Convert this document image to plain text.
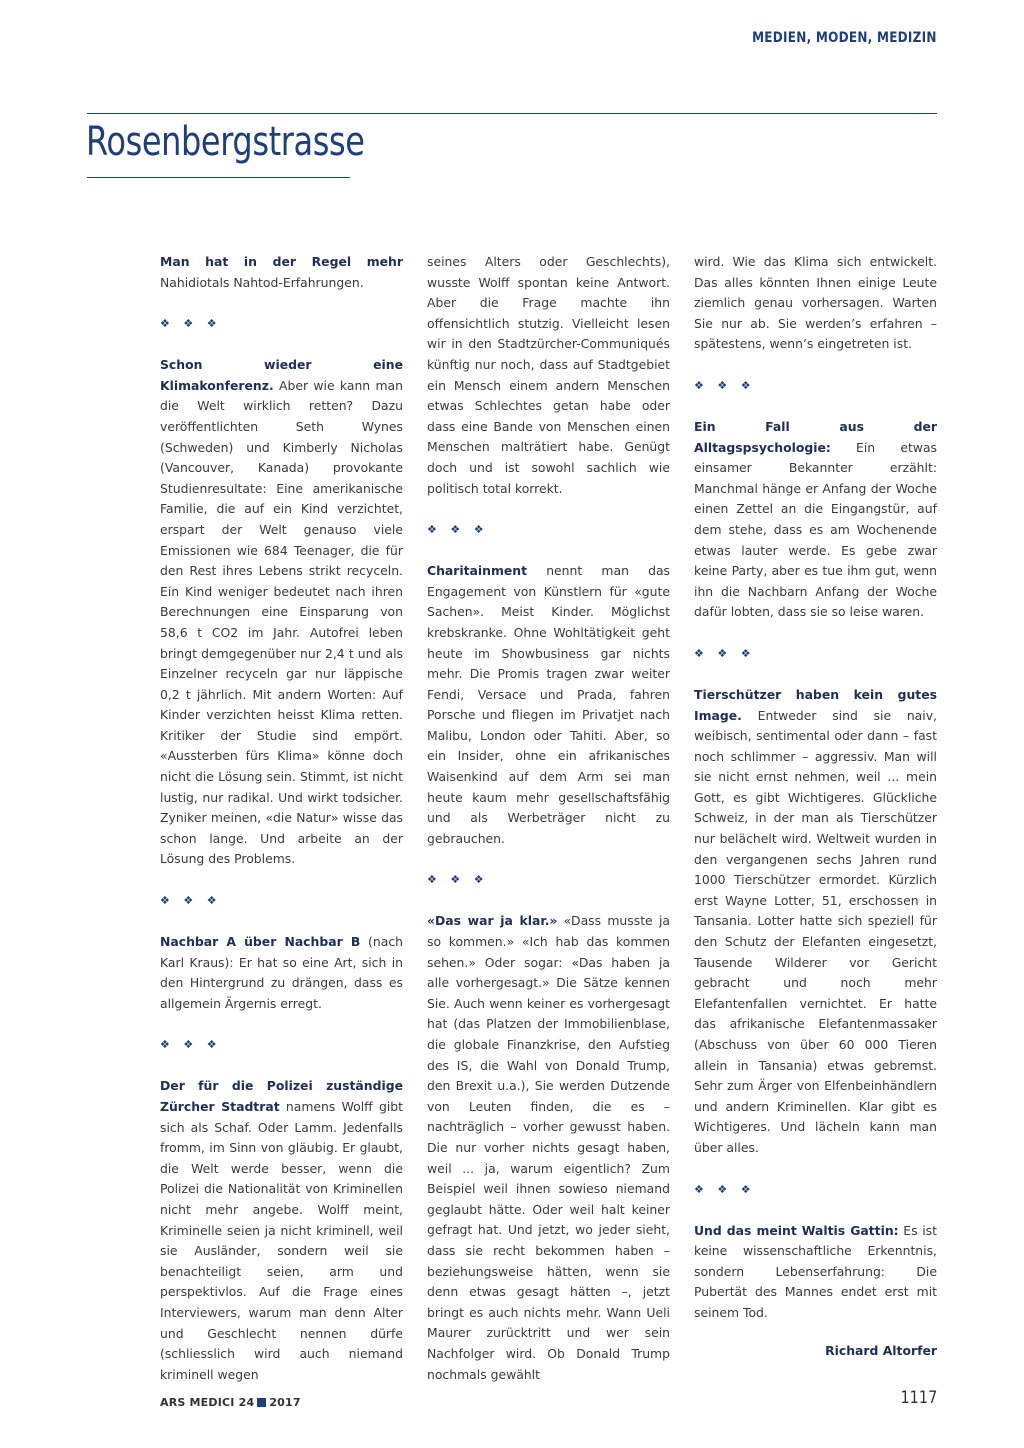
MEDIEN, MODEN, MEDIZIN
Rosenbergstrasse

Man hat in der Regel mehr Nahidiotals Nahtod-Erfahrungen.

❖ ❖ ❖

Schon wieder eine Klimakonferenz. Aber wie kann man die Welt wirklich retten? Dazu veröffentlichten Seth Wynes (Schweden) und Kimberly Nicholas (Vancouver, Kanada) provokante Studienresultate: Eine amerikanische Familie, die auf ein Kind verzichtet, erspart der Welt genauso viele Emissionen wie 684 Teenager, die für den Rest ihres Lebens strikt recyceln. Ein Kind weniger bedeutet nach ihren Berechnungen eine Einsparung von 58,6 t CO2 im Jahr. Autofrei leben bringt demgegenüber nur 2,4 t und als Einzelner recyceln gar nur läppische 0,2 t jährlich. Mit andern Worten: Auf Kinder verzichten heisst Klima retten. Kritiker der Studie sind empört. «Aussterben fürs Klima» könne doch nicht die Lösung sein. Stimmt, ist nicht lustig, nur radikal. Und wirkt todsicher. Zyniker meinen, «die Natur» wisse das schon lange. Und arbeite an der Lösung des Problems.

❖ ❖ ❖

Nachbar A über Nachbar B (nach Karl Kraus): Er hat so eine Art, sich in den Hintergrund zu drängen, dass es allgemein Ärgernis erregt.

❖ ❖ ❖

Der für die Polizei zuständige Zürcher Stadtrat namens Wolff gibt sich als Schaf. Oder Lamm. Jedenfalls fromm, im Sinn von gläubig. Er glaubt, die Welt werde besser, wenn die Polizei die Nationalität von Kriminellen nicht mehr angebe. Wolff meint, Kriminelle seien ja nicht kriminell, weil sie Ausländer, sondern weil sie benachteiligt seien, arm und perspektivlos. Auf die Frage eines Interviewers, warum man denn Alter und Geschlecht nennen dürfe (schliesslich wird auch niemand kriminell wegen

seines Alters oder Geschlechts), wusste Wolff spontan keine Antwort. Aber die Frage machte ihn offensichtlich stutzig. Vielleicht lesen wir in den Stadtzürcher-Communiqués künftig nur noch, dass auf Stadtgebiet ein Mensch einem andern Menschen etwas Schlechtes getan habe oder dass eine Bande von Menschen einen Menschen malträtiert habe. Genügt doch und ist sowohl sachlich wie politisch total korrekt.

❖ ❖ ❖

Charitainment nennt man das Engagement von Künstlern für «gute Sachen». Meist Kinder. Möglichst krebskranke. Ohne Wohltätigkeit geht heute im Showbusiness gar nichts mehr. Die Promis tragen zwar weiter Fendi, Versace und Prada, fahren Porsche und fliegen im Privatjet nach Malibu, London oder Tahiti. Aber, so ein Insider, ohne ein afrikanisches Waisenkind auf dem Arm sei man heute kaum mehr gesellschaftsfähig und als Werbeträger nicht zu gebrauchen.

❖ ❖ ❖

«Das war ja klar.» «Dass musste ja so kommen.» «Ich hab das kommen sehen.» Oder sogar: «Das haben ja alle vorhergesagt.» Die Sätze kennen Sie. Auch wenn keiner es vorhergesagt hat (das Platzen der Immobilienblase, die globale Finanzkrise, den Aufstieg des IS, die Wahl von Donald Trump, den Brexit u.a.), Sie werden Dutzende von Leuten finden, die es – nachträglich – vorher gewusst haben. Die nur vorher nichts gesagt haben, weil ... ja, warum eigentlich? Zum Beispiel weil ihnen sowieso niemand geglaubt hätte. Oder weil halt keiner gefragt hat. Und jetzt, wo jeder sieht, dass sie recht bekommen haben – beziehungsweise hätten, wenn sie denn etwas gesagt hätten –, jetzt bringt es auch nichts mehr. Wann Ueli Maurer zurücktritt und wer sein Nachfolger wird. Ob Donald Trump nochmals gewählt

wird. Wie das Klima sich entwickelt. Das alles könnten Ihnen einige Leute ziemlich genau vorhersagen. Warten Sie nur ab. Sie werden’s erfahren – spätestens, wenn’s eingetreten ist.

❖ ❖ ❖

Ein Fall aus der Alltagspsychologie: Ein etwas einsamer Bekannter erzählt: Manchmal hänge er Anfang der Woche einen Zettel an die Eingangstür, auf dem stehe, dass es am Wochenende etwas lauter werde. Es gebe zwar keine Party, aber es tue ihm gut, wenn ihn die Nachbarn Anfang der Woche dafür lobten, dass sie so leise waren.

❖ ❖ ❖

Tierschützer haben kein gutes Image. Entweder sind sie naiv, weibisch, sentimental oder dann – fast noch schlimmer – aggressiv. Man will sie nicht ernst nehmen, weil ... mein Gott, es gibt Wichtigeres. Glückliche Schweiz, in der man als Tierschützer nur belächelt wird. Weltweit wurden in den vergangenen sechs Jahren rund 1000 Tierschützer ermordet. Kürzlich erst Wayne Lotter, 51, erschossen in Tansania. Lotter hatte sich speziell für den Schutz der Elefanten eingesetzt, Tausende Wilderer vor Gericht gebracht und noch mehr Elefantenfallen vernichtet. Er hatte das afrikanische Elefantenmassaker (Abschuss von über 60 000 Tieren allein in Tansania) etwas gebremst. Sehr zum Ärger von Elfenbeinhändlern und andern Kriminellen. Klar gibt es Wichtigeres. Und lächeln kann man über alles.

❖ ❖ ❖

Und das meint Waltis Gattin: Es ist keine wissenschaftliche Erkenntnis, sondern Lebenserfahrung: Die Pubertät des Mannes endet erst mit seinem Tod.

Richard Altorfer

ARS MEDICI 24 2017	1117
